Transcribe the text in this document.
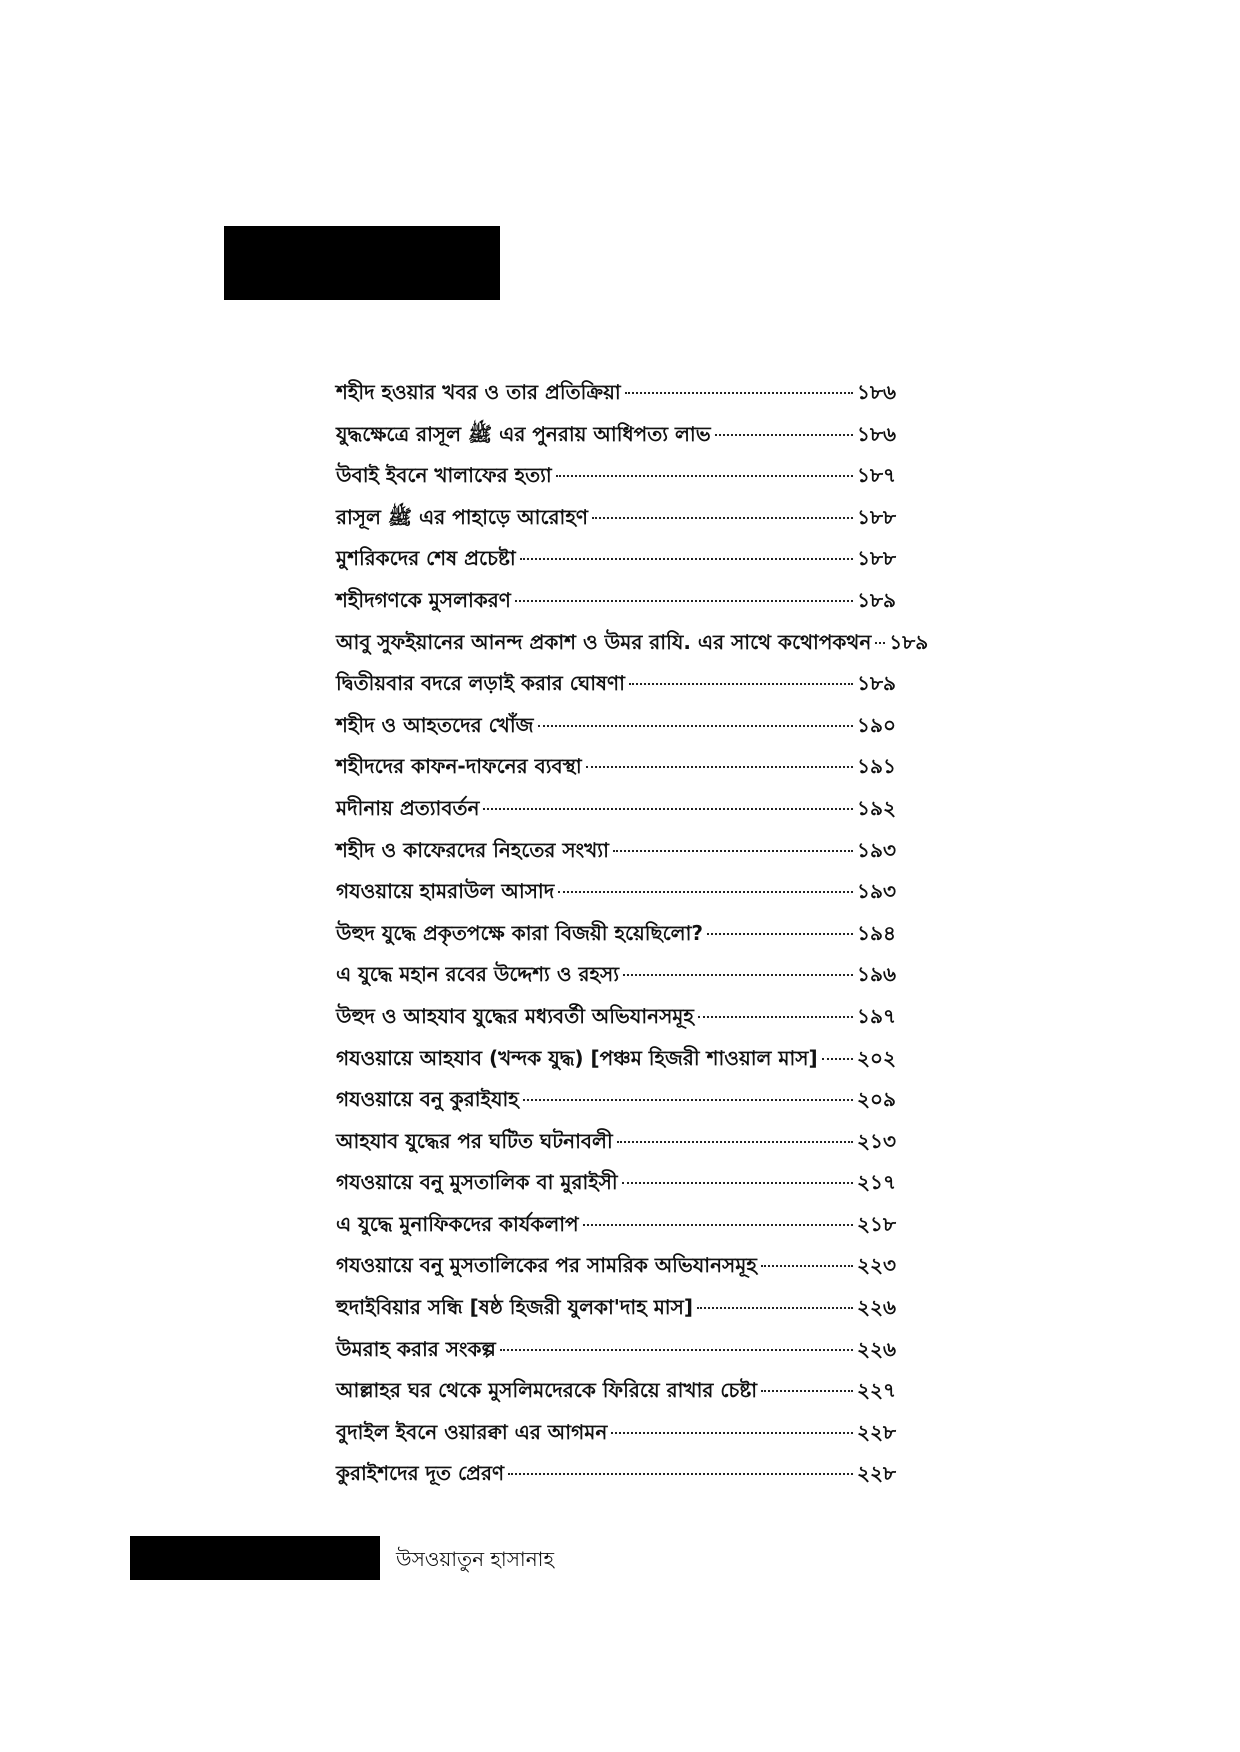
শহীদ হওয়ার খবর ও তার প্রতিক্রিয়া	১৮৬
যুদ্ধক্ষেত্রে রাসূল ﷺ এর পুনরায় আধিপত্য লাভ	১৮৬
উবাই ইবনে খালাফের হত্যা	১৮৭
রাসূল ﷺ এর পাহাড়ে আরোহণ	১৮৮
মুশরিকদের শেষ প্রচেষ্টা	১৮৮
শহীদগণকে মুসলাকরণ	১৮৯
আবু সুফইয়ানের আনন্দ প্রকাশ ও উমর রাযি. এর সাথে কথোপকথন ১৮৯
দ্বিতীয়বার বদরে লড়াই করার ঘোষণা	১৮৯
শহীদ ও আহতদের খোঁজ	১৯০
শহীদদের কাফন-দাফনের ব্যবস্থা	১৯১
মদীনায় প্রত্যাবর্তন	১৯২
শহীদ ও কাফেরদের নিহতের সংখ্যা	১৯৩
গযওয়ায়ে হামরাউল আসাদ	১৯৩
উহুদ যুদ্ধে প্রকৃতপক্ষে কারা বিজয়ী হয়েছিলো?	১৯৪
এ যুদ্ধে মহান রবের উদ্দেশ্য ও রহস্য	১৯৬
উহুদ ও আহযাব যুদ্ধের মধ্যবর্তী অভিযানসমূহ	১৯৭
গযওয়ায়ে আহযাব (খন্দক যুদ্ধ) [পঞ্চম হিজরী শাওয়াল মাস] ২০২
গযওয়ায়ে বনু কুরাইযাহ	২০৯
আহযাব যুদ্ধের পর ঘটিত ঘটনাবলী	২১৩
গযওয়ায়ে বনু মুসতালিক বা মুরাইসী	২১৭
এ যুদ্ধে মুনাফিকদের কার্যকলাপ	২১৮
গযওয়ায়ে বনু মুসতালিকের পর সামরিক অভিযানসমূহ	২২৩
হুদাইবিয়ার সন্ধি [ষষ্ঠ হিজরী যুলকা'দাহ মাস]	২২৬
উমরাহ করার সংকল্প	২২৬
আল্লাহর ঘর থেকে মুসলিমদেরকে ফিরিয়ে রাখার চেষ্টা	২২৭
বুদাইল ইবনে ওয়ারক্বা এর আগমন	২২৮
কুরাইশদের দূত প্রেরণ	২২৮
উসওয়াতুন হাসানাহ
